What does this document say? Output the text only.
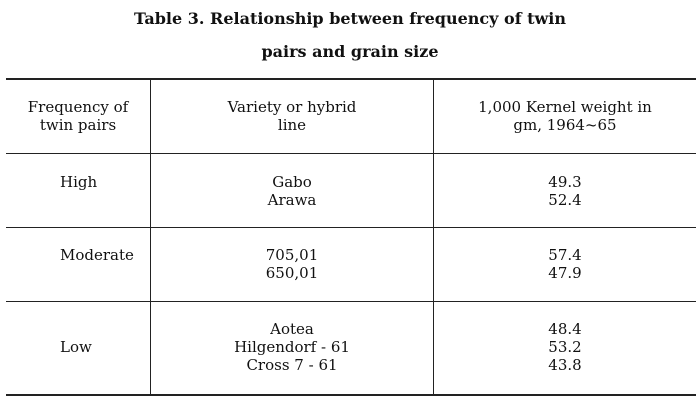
Table 3. Relationship between frequency of twin
pairs and grain size
Frequency of
twin pairs
Variety or hybrid
line
1,000 Kernel weight in
gm, 1964~65
High	Gabo
Arawa
49.3
52.4
Moderate	705,01
650,01
57.4
47.9
Low
Aotea
Hilgendorf - 61
Cross 7 - 61
48.4
53.2
43.8
